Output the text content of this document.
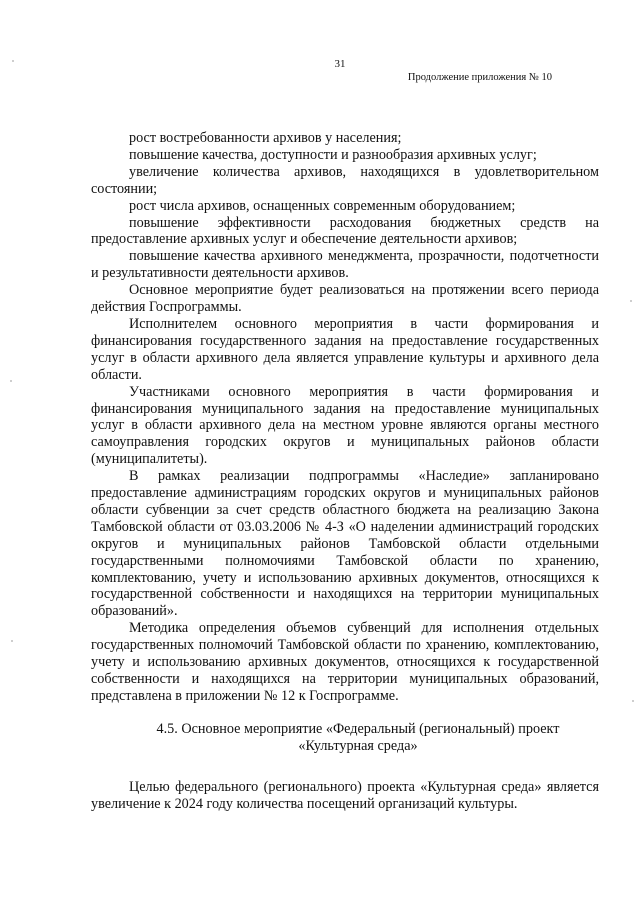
31
Продолжение приложения № 10

рост востребованности архивов у населения;

повышение качества, доступности и разнообразия архивных услуг;

увеличение количества архивов, находящихся в удовлетворительном состоянии;

рост числа архивов, оснащенных современным оборудованием;

повышение эффективности расходования бюджетных средств на предоставление архивных услуг и обеспечение деятельности архивов;

повышение качества архивного менеджмента, прозрачности, подотчетности и результативности деятельности архивов.

Основное мероприятие будет реализоваться на протяжении всего периода действия Госпрограммы.

Исполнителем основного мероприятия в части формирования и финансирования государственного задания на предоставление государственных услуг в области архивного дела является управление культуры и архивного дела области.

Участниками основного мероприятия в части формирования и финансирования муниципального задания на предоставление муниципальных услуг в области архивного дела на местном уровне являются органы местного самоуправления городских округов и муниципальных районов области (муниципалитеты).

В рамках реализации подпрограммы «Наследие» запланировано предоставление администрациям городских округов и муниципальных районов области субвенции за счет средств областного бюджета на реализацию Закона Тамбовской области от 03.03.2006 № 4-З «О наделении администраций городских округов и муниципальных районов Тамбовской области отдельными государственными полномочиями Тамбовской области по хранению, комплектованию, учету и использованию архивных документов, относящихся к государственной собственности и находящихся на территории муниципальных образований».

Методика определения объемов субвенций для исполнения отдельных государственных полномочий Тамбовской области по хранению, комплектованию, учету и использованию архивных документов, относящихся к государственной собственности и находящихся на территории муниципальных образований, представлена в приложении № 12 к Госпрограмме.

4.5. Основное мероприятие «Федеральный (региональный) проект
«Культурная среда»

Целью федерального (регионального) проекта «Культурная среда» является увеличение к 2024 году количества посещений организаций культуры.
